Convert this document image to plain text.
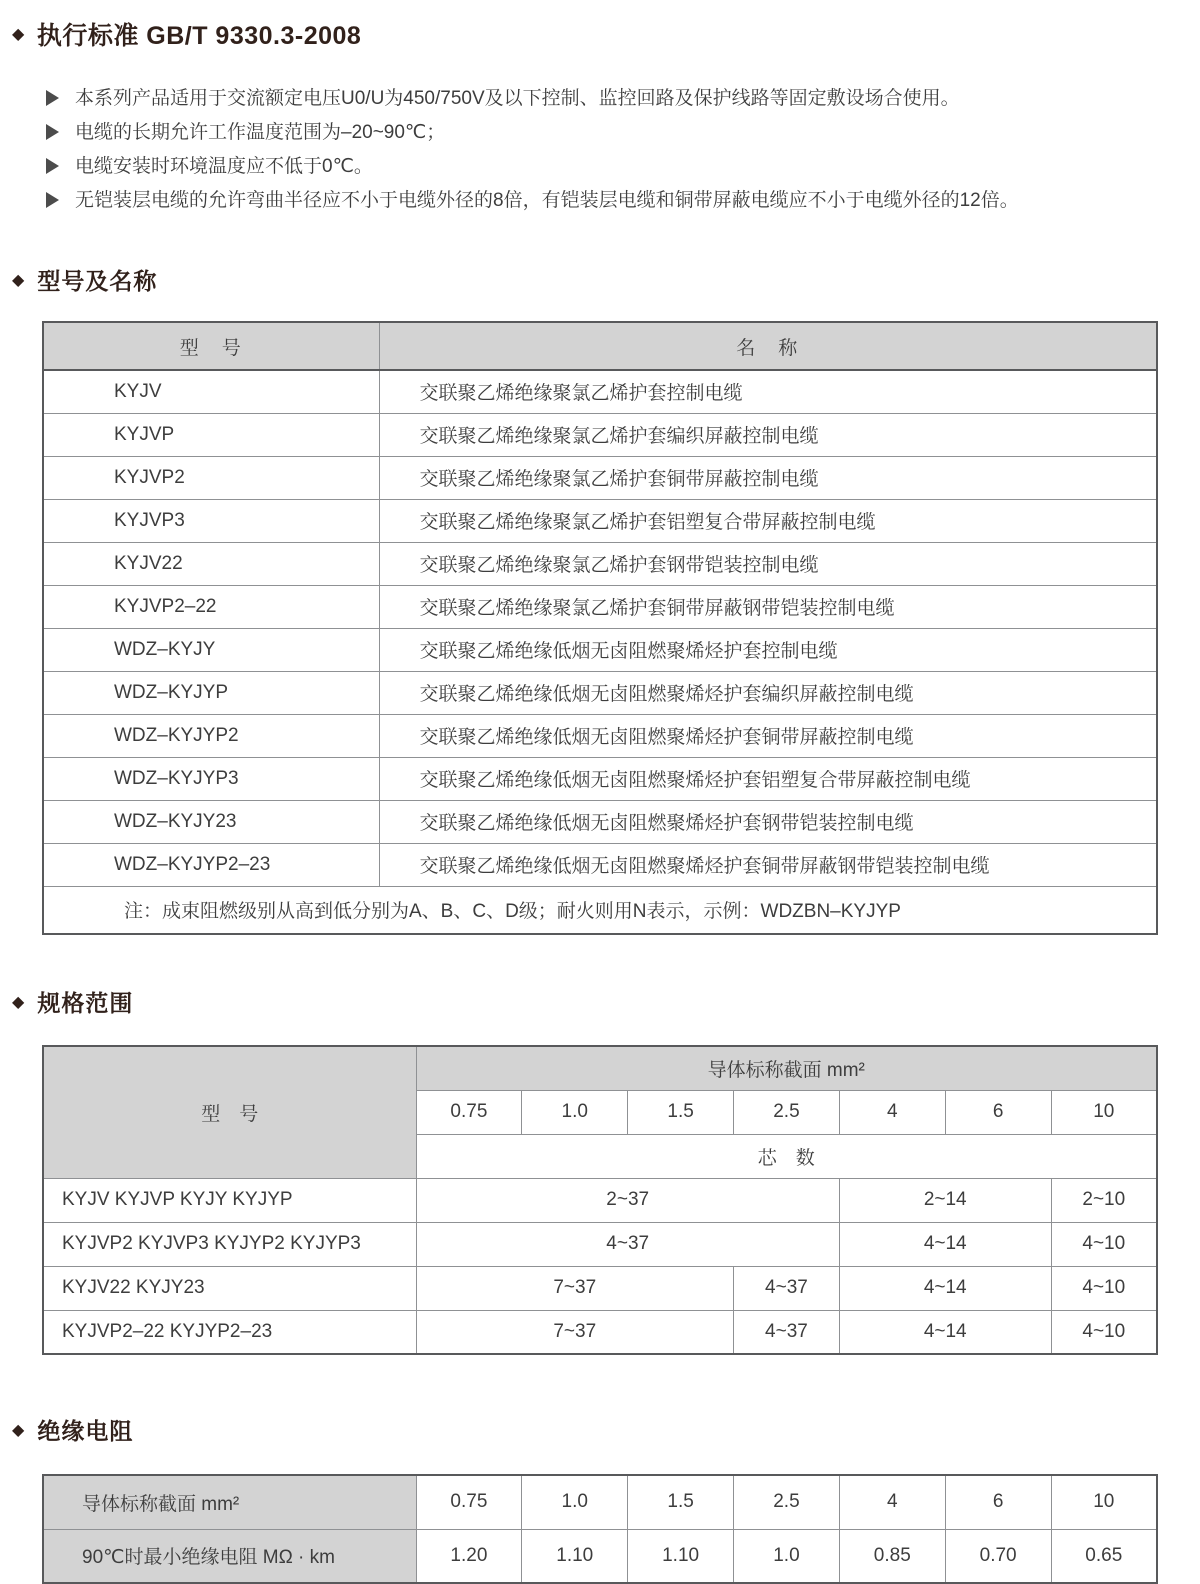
◆ 执行标准 GB/T 9330.3-2008
本系列产品适用于交流额定电压U0/U为450/750V及以下控制、监控回路及保护线路等固定敷设场合使用。
电缆的长期允许工作温度范围为–20~90℃；
电缆安装时环境温度应不低于0℃。
无铠装层电缆的允许弯曲半径应不小于电缆外径的8倍，有铠装层电缆和铜带屏蔽电缆应不小于电缆外径的12倍。
◆ 型号及名称
型　号	名　称
KYJV	交联聚乙烯绝缘聚氯乙烯护套控制电缆
KYJVP	交联聚乙烯绝缘聚氯乙烯护套编织屏蔽控制电缆
KYJVP2	交联聚乙烯绝缘聚氯乙烯护套铜带屏蔽控制电缆
KYJVP3	交联聚乙烯绝缘聚氯乙烯护套铝塑复合带屏蔽控制电缆
KYJV22	交联聚乙烯绝缘聚氯乙烯护套钢带铠装控制电缆
KYJVP2–22	交联聚乙烯绝缘聚氯乙烯护套铜带屏蔽钢带铠装控制电缆
WDZ–KYJY	交联聚乙烯绝缘低烟无卤阻燃聚烯烃护套控制电缆
WDZ–KYJYP	交联聚乙烯绝缘低烟无卤阻燃聚烯烃护套编织屏蔽控制电缆
WDZ–KYJYP2	交联聚乙烯绝缘低烟无卤阻燃聚烯烃护套铜带屏蔽控制电缆
WDZ–KYJYP3	交联聚乙烯绝缘低烟无卤阻燃聚烯烃护套铝塑复合带屏蔽控制电缆
WDZ–KYJY23	交联聚乙烯绝缘低烟无卤阻燃聚烯烃护套钢带铠装控制电缆
WDZ–KYJYP2–23	交联聚乙烯绝缘低烟无卤阻燃聚烯烃护套铜带屏蔽钢带铠装控制电缆
注：成束阻燃级别从高到低分别为A、B、C、D级；耐火则用N表示，示例：WDZBN–KYJYP	
◆ 规格范围
型　号	导体标称截面 mm²						
	0.75	1.0	1.5	2.5	4	6	10
	芯　数						
KYJV KYJVP KYJY KYJYP	2~37				2~14		2~10
KYJVP2 KYJVP3 KYJYP2 KYJYP3	4~37				4~14		4~10
KYJV22 KYJY23	7~37			4~37	4~14		4~10
KYJVP2–22 KYJYP2–23	7~37			4~37	4~14		4~10
◆ 绝缘电阻
导体标称截面 mm²	0.75	1.0	1.5	2.5	4	6	10
90℃时最小绝缘电阻 MΩ · km	1.20	1.10	1.10	1.0	0.85	0.70	0.65
